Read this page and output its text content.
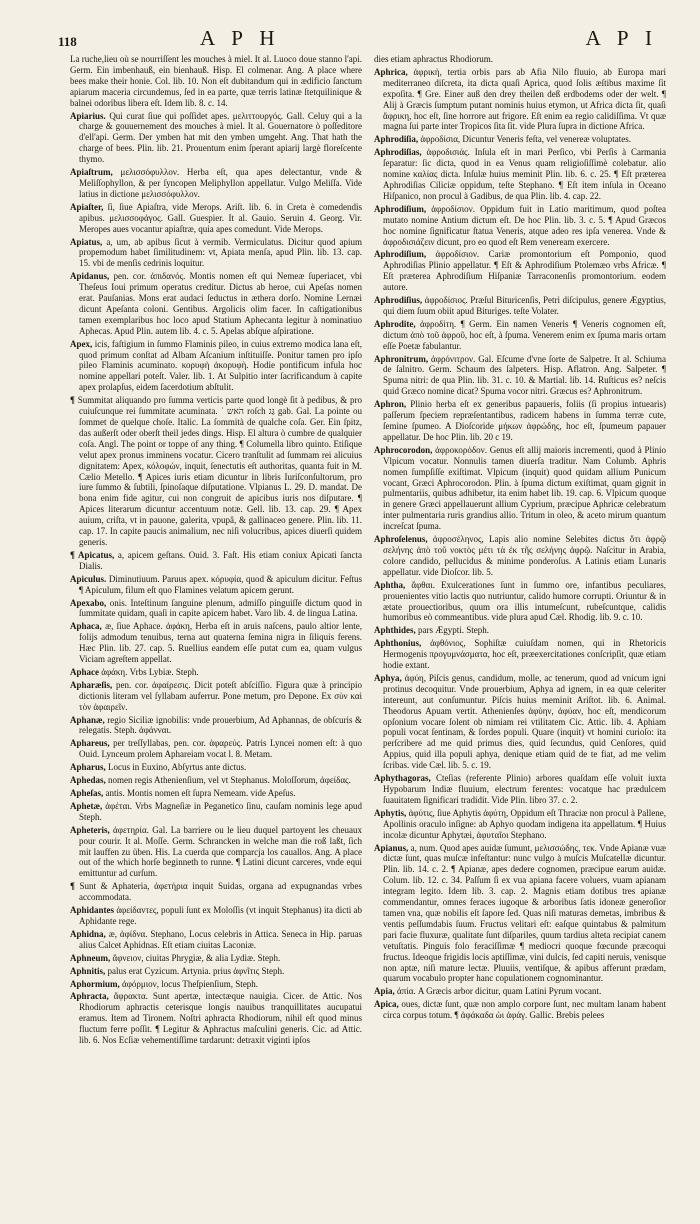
118	A P H	A P I

La ruche,lieu où se nourriſſent les mouches à miel. It al. Luoco doue stanno l'api. Germ. Ein imbenhauß, ein bienhauß. Hisp. El colmenar. Ang. A place where bees make their honie. Col. lib. 10. Non eſt dubitandum qui in ædificio ſanctum apiarum maceria circundemus, ſed in ea parte, quæ terris latinæ ſtetquilinique & balnei odoribus libera eſt. Idem lib. 8. c. 14.

Apiarius. Qui curat ſiue qui poſſidet apes. μελιττουργός. Gall. Celuy qui a la charge & gouuernement des mouches à miel. It al. Gouernatore ò poſſeditore d'ell'api. Germ. Der ymben hat mit den ymben umgeht. Ang. That hath the charge of bees. Plin. lib. 21. Prouentum enim ſperant apiarij largè floreſcente thymo.

Apiaſtrum, μελισσόφυλλον. Herba eſt, qua apes delectantur, vnde & Meliſſophyllon, & per ſyncopen Meliphyllon appellatur. Vulgo Meliſſa. Vide latius in dictione μελισσόφυλλον.

Apiaſter, ſi, ſiue Apiaſtra, vide Merops. Ariſt. lib. 6. in Creta è comedendis apibus. μελισσοφάγος. Gall. Guespier. It al. Gauio. Seruin 4. Georg. Vir. Meropes aues vocantur apiaſtræ, quia apes comedunt. Vide Merops.

Apiatus, a, um, ab apibus ſicut à vermib. Vermiculatus. Dicitur quod apium propemodum habet ſimilitudinem: vt, Apiata menſa, apud Plin. lib. 13. cap. 15. vbi de menſis cedrinis loquitur.

Apidanus, pen. cor. ἀπιδανός. Montis nomen eſt qui Nemeæ ſuperiacet, vbi Theſeus Ioui primum operatus creditur. Dictus ab heroe, cui Apeſas nomen erat. Pauſanias. Mons erat audaci ſeductus in æthera dorſo. Nomine Lernæi dicunt Apeſanta coloni. Gentibus. Argolicis olim facer. In caſtigationibus tamen exemplaribus hoc loco apud Statium Aphecanta legitur à nominatiuo Aphecas. Apud Plin. autem lib. 4. c. 5. Apelas abſque aſpiratione.

Apex, icis, faſtigium in ſummo Flaminis pileo, in cuius extremo modica lana eſt, quod primum conſtat ad Albam Aſcanium inſtituiſſe. Ponitur tamen pro ipſo pileo Flaminis acuminato. κορυφὴ ἀκορυφὴ. Hodie pontificum infula hoc nomine appellari poteſt. Valer. lib. 1. At Sulpitio inter ſacrificandum à capite apex prolapſus, eidem ſacerdotium abſtulit.

¶ Summitat aliquando pro ſumma verticis parte quod longè ſit à pedibus, & pro cuiuſcunque rei ſummitate acuminata. ʿ הֹאש roſch גַּג gab. Gal. La pointe ou ſommet de quelque choſe. Italic. La ſommità de qualche coſa. Ger. Ein ſpitz, das außerſt oder oberſt theil jedes dings. Hisp. El altura ò cumbre de qualquier coſa. Angl. The point or toppe of any thing. ¶ Columella libro quinto. Etiſique velut apex pronus imminens vocatur. Cicero tranſtulit ad ſummam rei alicuius dignitatem: Apex, κόλοφών, inquit, ſenectutis eſt authoritas, quanta fuit in M. Cælio Metello. ¶ Apices iuris etiam dicuntur in libris Iuriſconſultorum, pro iure ſummo & ſubtili, ſpinoſaque diſputatione. Vlpianus L. 29. D. mandat. De bona enim fide agitur, cui non congruit de apicibus iuris nos diſputare. ¶ Apices literarum dicuntur accentuum notæ. Gell. lib. 13. cap. 29. ¶ Apex auium, criſta, vt in pauone, galerita, vpupâ, & gallinaceo genere. Plin. lib. 11. cap. 17. In capite paucis animalium, nec niſi volucribus, apices diuerſi quidem generis.

¶ Apicatus, a, apicem geſtans. Ouid. 3. Faſt. His etiam coniux Apicati ſancta Dialis.

Apiculus. Diminutiuum. Paruus apex. κόρυφία, quod & apiculum dicitur. Feſtus ¶ Apiculum, filum eſt quo Flamines velatum apicem gerunt.

Apexabo, onis. Inteſtinum ſanguine plenum, admiſſo pinguiſſe dictum quod in ſummitate quidam, quaſi in capite apicem habet. Varo lib. 4. de lingua Latina.

Aphaca, æ, ſiue Aphace. ἀφάκη, Herba eſt in aruis naſcens, paulo altior lente, folijs admodum tenuibus, terna aut quaterna ſemina nigra in ſiliquis ferens. Hæc Plin. lib. 27. cap. 5. Ruellius eandem eſſe putat cum ea, quam vulgus Viciam agreſtem appellat.

Aphace ἀφάκη. Vrbs Lybiæ. Steph.

Apharæſis, pen. cor. ἀφαίρεσις. Dicit poteſt abſciſſio. Figura quæ à principio dictionis literam vel ſyllabam auferrur. Pone metum, pro Depone. Ex σὺν καὶ τὸν ἀφαιρεῖν.

Aphanæ, regio Siciliæ ignobilis: vnde prouerbium, Ad Aphannas, de obſcuris & relegatis. Steph. ἀφάνναι.

Aphareus, per treſſyllabas, pen. cor. ἀφαρεύς. Patris Lyncei nomen eſt: à quo Ouid. Lynceum prolem Aphareiam vocat l. 8. Metam.

Apharus, Locus in Euxino, Abſyrtus ante dictus.

Aphedas, nomen regis Athenienſium, vel vt Stephanus. Moloſſorum, ἀφείδας.

Apheſas, antis. Montis nomen eſt ſupra Nemeam. vide Apeſus.

Aphetæ, ἀφέται. Vrbs Magneſiæ in Peganetico ſinu, cauſam nominis lege apud Steph.

Apheteris, ἀφετηρία. Gal. La barriere ou le lieu duquel partoyent les cheuaux pour courir. It al. Moſſe. Germ. Schrancken in welche man die roß laßt, ſich mit lauffen zu üben. His. La cuerda que comparcja los cauallos. Ang. A place out of the which horſe beginneth to runne. ¶ Latini dicunt carceres, vnde equi emittuntur ad curſum.

¶ Sunt & Aphateria, ἀφετήρια inquit Suidas, organa ad expugnandas vrbes accommodata.

Aphidantes ἀφείδαντες, populi ſunt ex Moloſſis (vt inquit Stephanus) ita dicti ab Aphidante rege.

Aphidna, æ, ἀφίδνα. Stephano, Locus celebris in Attica. Seneca in Hip. paruas alius Calcet Aphidnas. Eſt etiam ciuitas Laconiæ.

Aphneum, ἄφνειον, ciuitas Phrygiæ, & alia Lydiæ. Steph.

Aphnitis, palus erat Cyzicum. Artynia. prius ἀφνῖτις Steph.

Aphormium, ἀφόρμιον, locus Theſpienſium, Steph.

Aphracta, ἄφρακτα. Sunt apertæ, intectæque nauigia. Cicer. de Attic. Nos Rhodiorum aphractis ceterisque longis nauibus tranquillitates aucupatui eramus. Item ad Tironem. Noſtri aphracta Rhodiorum, nihil eſt quod minus fluctum ferre poſſit. ¶ Legitur & Aphractus maſculini generis. Cic. ad Attic. lib. 6. Nos Ecſiæ vehementiſſime tardarunt: detraxit viginti ipſos

dies etiam aphractus Rhodiorum.

Aphrica, ἀφρικὴ, tertia orbis pars ab Afia Nilo fluuio, ab Europa mari mediterraneo diſcreta, ita dicta quaſi Aprica, quod ſolis æſtibus maxime ſit expoſita. ¶ Gre. Einer auß den drey theilen deß erdbodems oder der welt. ¶ Alij à Græcis ſumptum putant nominis huius etymon, ut Africa dicta ſit, quaſi ἄφρικη, hoc eſt, ſine horrore aut frigore. Eſt enim ea regio calidiſſima. Vt quæ magna ſui parte inter Tropicos ſita ſit. vide Plura ſupra in dictione Africa.

Aphrodiſia, ἀφροδίσια, Dicuntur Veneris feſta, vel venereæ voluptates.

Aphrodiſias, ἀφροδισιάς. Inſula eſt in mari Perſico, vbi Perſis à Carmania ſeparatur: ſic dicta, quod in ea Venus quam religioſiſſimè colebatur. alio nomine καλίας dicta. Inſulæ huius meminit Plin. lib. 6. c. 25. ¶ Eſt præterea Aphrodiſias Ciliciæ oppidum, teſte Stephano. ¶ Eſt item inſula in Oceano Hiſpanico, non procul à Gadibus, de qua Plin. lib. 4. cap. 22.

Aphrodiſium, ἀφροδίσιον. Oppidum fuit in Latio maritimum, quod poſtea mutato nomine Antium dictum eſt. De hoc Plin. lib. 3. c. 5. ¶ Apud Græcos hoc nomine ſignificatur ſtatua Veneris, atque adeo res ipſa venerea. Vnde & ἀφροδισιάζειν dicunt, pro eo quod eſt Rem veneream exercere.

Aphrodiſium, ἀφροδίσιον. Cariæ promontorium eſt Pomponio, quod Aphrodiſias Plinio appellatur. ¶ Eſt & Aphrodiſium Ptolemæo vrbs Africæ. ¶ Eſt præterea Aphrodiſium Hiſpaniæ Tarraconenſis promontorium. eodem autore.

Aphrodiſius, ἀφροδίσιος. Præſul Bituricenſis, Petri diſcipulus, genere Ægyptius, qui diem ſuum obiit apud Bituriges. teſte Volater.

Aphrodite, ἀφροδίτη. ¶ Germ. Ein namen Veneris ¶ Veneris cognomen eſt, dictum ἀπὸ τοῦ ἀφροῦ, hoc eſt, à ſpuma. Venerem enim ex ſpuma maris ortam eſſe Poetæ fabulantur.

Aphronitrum, ἀφρόνιτρον. Gal. Eſcume d'vne ſorte de Salpetre. It al. Schiuma de ſalnitro. Germ. Schaum des ſalpeters. Hisp. Aflatron. Ang. Salpeter. ¶ Spuma nitri: de qua Plin. lib. 31. c. 10. & Martial. lib. 14. Ruſticus es? neſcis quid Græco nomine dicat? Spuma vocor nitri. Græcus es? Aphronitrum.

Aphron, Plinio herba eſt ex generibus papaueris, foliis (ſi propius intuearis) paſſerum ſpeciem repræſentantibus, radicem habens in ſumma terræ cute, ſemine ſpumeo. A Dioſcoride μήκων ἀφρώδης, hoc eſt, ſpumeum papauer appellatur. De hoc Plin. lib. 20 c 19.

Aphrocorodon, ἀφροκορόδον. Genus eſt allij maioris incrementi, quod à Plinio Vlpicum vocatur. Nonnulis tamen diuerſa traditur. Nam Columb. Aphris nomen ſumpſiſſe exiſtimat. Vlpicum (inquit) quod quidam allium Punicum vocant, Græci Aphrocorodon. Plin. à ſpuma dictum exiſtimat, quam gignit in pulmentariis, quibus adhibetur, ita enim habet lib. 19. cap. 6. Vlpicum quoque in genere Græci appellauerunt allium Cyprium, præcipue Aphricæ celebratum inter pulmentaria ruris grandius allio. Tritum in oleo, & aceto mirum quantum increſcat ſpuma.

Aphroſelenus, ἀφροσέληνος, Lapis alio nomine Selebites dictus ὅτι ἀφρῷ σελήνης ἀπὸ τοῦ νοκτὸς μέτι τὰ ἐκ τῆς σελήνης ἀφρῷ. Naſcitur in Arabia, colore candido, pellucidus & minime ponderoſus. A Latinis etiam Lunaris appellatur. vide Dioſcor. lib. 5.

Aphtha, ἄφθαι. Exulcerationes ſunt in ſummo ore, infantibus peculiares, prouenientes vitio lactis quo nutriuntur, calido humore corrupti. Oriuntur & in ætate prouectioribus, quum ora illis intumeſcunt, rubeſcuntque, calidis humoribus eò commeantibus. vide plura apud Cæl. Rhodig. lib. 9. c. 10.

Aphthides, pars Ægypti. Steph.

Aphthonius, ἀφθόνιος, Sophiſtæ cuiuſdam nomen, qui in Rhetoricis Hermogenis προγυμνάσματα, hoc eſt, præexercitationes conſcripſit, quæ etiam hodie extant.

Aphya, ἀφύη, Piſcis genus, candidum, molle, ac tenerum, quod ad vnicum igni protinus decoquitur. Vnde prouerbium, Aphya ad ignem, in ea quæ celeriter intereunt, aut conſumuntur. Piſcis huius meminit Ariſtot. lib. 6. Animal. Theodorus Apuam vertit. Athenienſes ἀφύην, ἀφύαν, hoc eſt, mendicorum opſonium vocare ſolent ob nimiam rei vtilitatem Cic. Attic. lib. 4. Aphiam populi vocat ſentinam, & ſordes populi. Quare (inquit) vt homini curioſo: ita perſcribere ad me quid primus dies, quid ſecundus, quid Cenſores, quid Appius, quid illa populi aphya, denique etiam quid de te fiat, ad me velim ſcribas. vide Cæl. lib. 5. c. 19.

Aphythagoras, Cteſias (referente Plinio) arbores quaſdam eſſe voluit iuxta Hypobarum Indiæ fluuium, electrum ferentes: vocatque hac prædulcem ſuauitatem ſignificari tradidit. Vide Plin. libro 37. c. 2.

Aphytis, ἀφύτις, ſiue Aphytis ἀφύτη, Oppidum eſt Thraciæ non procul à Pallene, Apollinis oraculo inſigne: ab Aphyo quodam indigena ita appellatum. ¶ Huius incolæ dicuntur Aphytæi, ἀφυταῖοι Stephano.

Apianus, a, num. Quod apes auidæ ſumunt, μελισσώδης, τεκ. Vnde Apianæ vuæ dictæ ſunt, quas muſcæ infeſtantur: nunc vulgo à muſcis Muſcatellæ dicuntur. Plin. lib. 14. c. 2. ¶ Apianæ, apes dedere cognomen, præcipue earum auidæ. Colum. lib. 12. c. 34. Paſſum ſi ex vua apiana facere voluers, vuam apianam integram legito. Idem lib. 3. cap. 2. Magnis etiam dotibus tres apianæ commendantur, omnes feraces iugoque & arboribus ſatis idoneæ generoſior tamen vna, quæ nobilis eſt ſapore ſed. Quas niſi maturas demetas, imbribus & ventis peſſumdabis ſuum. Fructus velitari eſt: eaſque quintabus & palmitum pari facie fluxuræ, qualitate ſunt diſpariles, quum tardius alteta recipiat canem vetuſtatis. Pinguis folo feraciſſimæ ¶ mediocri quoque fœcunde præcoqui fructus. Ideoque frigidis locis aptiſſimæ, vini dulcis, ſed capiti neruis, venisque non aptæ, niſi mature lectæ. Pluuiis, ventiſque, & apibus afferunt prædam, quarum vocabulo propter hanc copulationem cognominantur.

Apia, ἀπία. A Græcis arbor dicitur, quam Latini Pyrum vocant.

Apica, oues, dictæ ſunt, quæ non amplo corpore ſunt, nec multam lanam habent circa corpus totum. ¶ ἀφάκαδα ὠι ἀφάγ. Gallic. Brebis pelees
